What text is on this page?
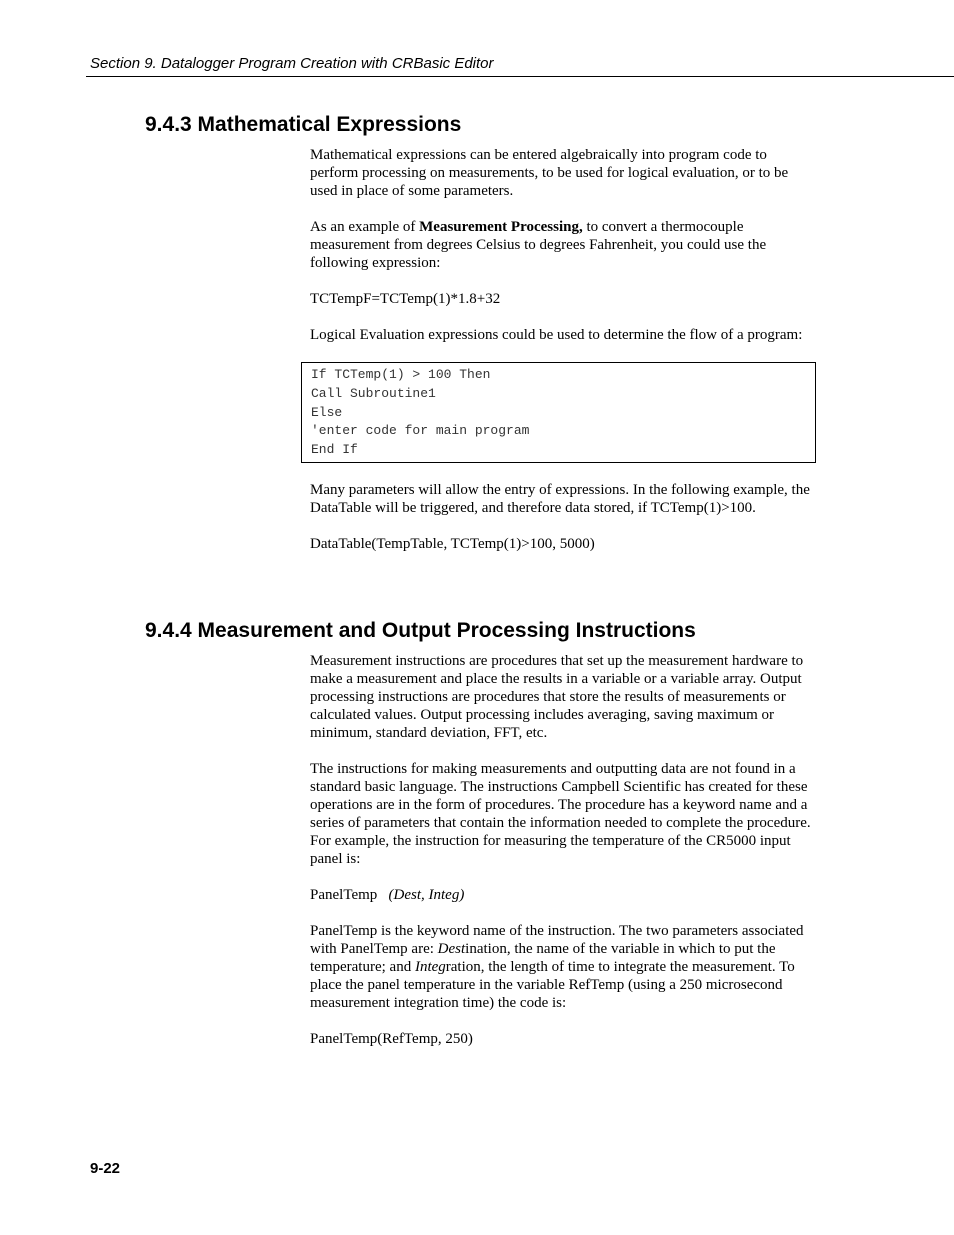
Section 9. Datalogger Program Creation with CRBasic Editor
9.4.3 Mathematical Expressions

Mathematical expressions can be entered algebraically into program code to perform processing on measurements, to be used for logical evaluation, or to be used in place of some parameters.

As an example of Measurement Processing, to convert a thermocouple measurement from degrees Celsius to degrees Fahrenheit, you could use the following expression:

TCTempF=TCTemp(1)*1.8+32

Logical Evaluation expressions could be used to determine the flow of a program:

If TCTemp(1) > 100 Then
Call Subroutine1
Else
'enter code for main program
End If

Many parameters will allow the entry of expressions. In the following example, the DataTable will be triggered, and therefore data stored, if TCTemp(1)>100.

DataTable(TempTable, TCTemp(1)>100, 5000)

9.4.4 Measurement and Output Processing Instructions

Measurement instructions are procedures that set up the measurement hardware to make a measurement and place the results in a variable or a variable array. Output processing instructions are procedures that store the results of measurements or calculated values. Output processing includes averaging, saving maximum or minimum, standard deviation, FFT, etc.

The instructions for making measurements and outputting data are not found in a standard basic language. The instructions Campbell Scientific has created for these operations are in the form of procedures. The procedure has a keyword name and a series of parameters that contain the information needed to complete the procedure. For example, the instruction for measuring the temperature of the CR5000 input panel is:

PanelTemp (Dest, Integ)

PanelTemp is the keyword name of the instruction. The two parameters associated with PanelTemp are: Destination, the name of the variable in which to put the temperature; and Integration, the length of time to integrate the measurement. To place the panel temperature in the variable RefTemp (using a 250 microsecond measurement integration time) the code is:

PanelTemp(RefTemp, 250)

9-22
